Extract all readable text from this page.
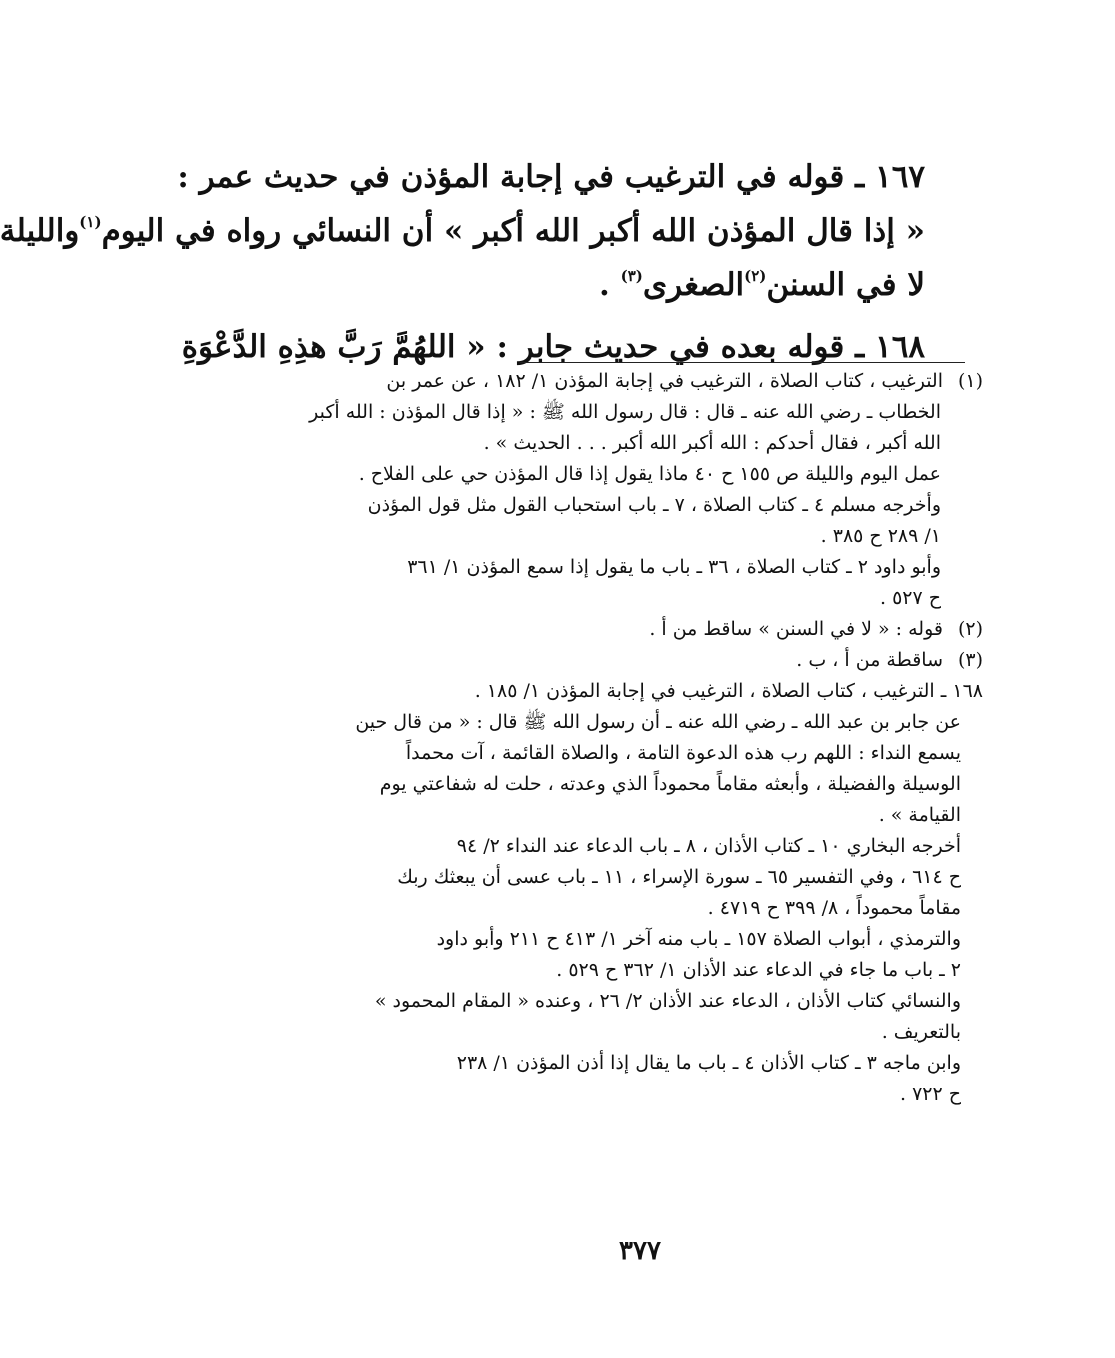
١٦٧ ـ قوله في الترغيب في إجابة المؤذن في حديث عمر :
« إذا قال المؤذن الله أكبر الله أكبر » أن النسائي رواه في اليوم$^{(١)}$والليلة
لا في السنن$^{(٢)}$الصغرى$^{(٣)}$ .
١٦٨ ـ قوله بعده في حديث جابر : « اللهُمَّ رَبَّ هذِهِ الدَّعْوَةِ
(١)الترغيب ، كتاب الصلاة ، الترغيب في إجابة المؤذن ١/ ١٨٢ ، عن عمر بن
الخطاب ـ رضي الله عنه ـ قال : قال رسول الله ﷺ : « إذا قال المؤذن : الله أكبر
الله أكبر ، فقال أحدكم : الله أكبر الله أكبر . . . الحديث » .
عمل اليوم والليلة ص ١٥٥ ح ٤٠ ماذا يقول إذا قال المؤذن حي على الفلاح .
وأخرجه مسلم ٤ ـ كتاب الصلاة ، ٧ ـ باب استحباب القول مثل قول المؤذن
١/ ٢٨٩ ح ٣٨٥ .
وأبو داود ٢ ـ كتاب الصلاة ، ٣٦ ـ باب ما يقول إذا سمع المؤذن ١/ ٣٦١
ح ٥٢٧ .
(٢)قوله : « لا في السنن » ساقط من أ .
(٣)ساقطة من أ ، ب .
١٦٨ ـ الترغيب ، كتاب الصلاة ، الترغيب في إجابة المؤذن ١/ ١٨٥ .
عن جابر بن عبد الله ـ رضي الله عنه ـ أن رسول الله ﷺ قال : « من قال حين
يسمع النداء : اللهم رب هذه الدعوة التامة ، والصلاة القائمة ، آت محمداً
الوسيلة والفضيلة ، وأبعثه مقاماً محموداً الذي وعدته ، حلت له شفاعتي يوم
القيامة » .
أخرجه البخاري ١٠ ـ كتاب الأذان ، ٨ ـ باب الدعاء عند النداء ٢/ ٩٤
ح ٦١٤ ، وفي التفسير ٦٥ ـ سورة الإسراء ، ١١ ـ باب عسى أن يبعثك ربك
مقاماً محموداً ، ٨/ ٣٩٩ ح ٤٧١٩ .
والترمذي ، أبواب الصلاة ١٥٧ ـ باب منه آخر ١/ ٤١٣ ح ٢١١ وأبو داود
٢ ـ باب ما جاء في الدعاء عند الأذان ١/ ٣٦٢ ح ٥٢٩ .
والنسائي كتاب الأذان ، الدعاء عند الأذان ٢/ ٢٦ ، وعنده « المقام المحمود »
بالتعريف .
وابن ماجه ٣ ـ كتاب الأذان ٤ ـ باب ما يقال إذا أذن المؤذن ١/ ٢٣٨
ح ٧٢٢ .
٣٧٧
